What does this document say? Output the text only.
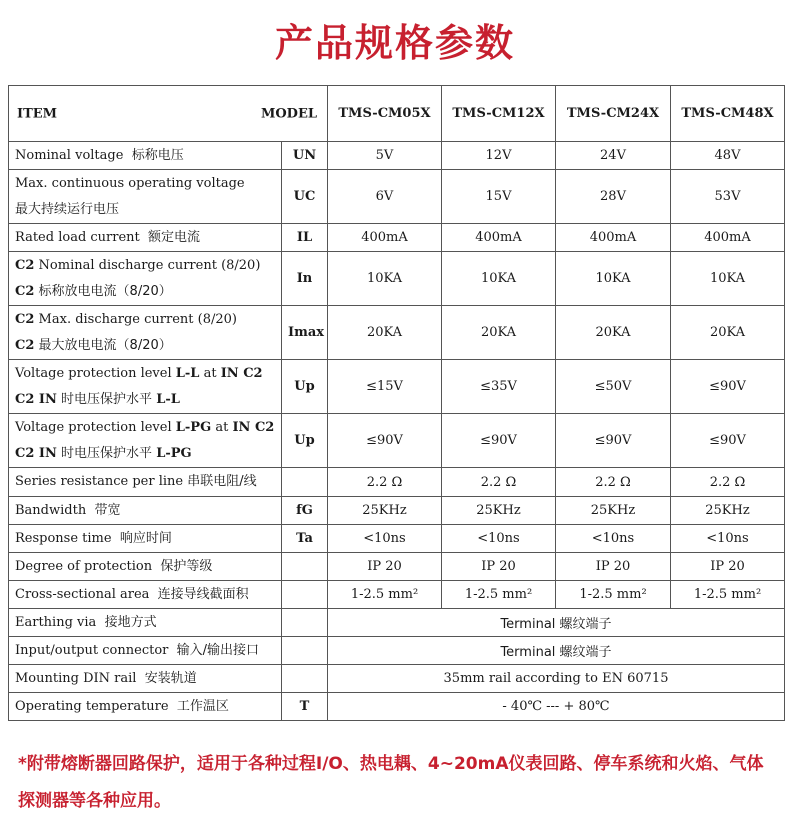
产品规格参数
ITEM MODEL		TMS-CM05X	TMS-CM12X	TMS-CM24X	TMS-CM48X
Nominal voltage 标称电压	UN	5V	12V	24V	48V

Max. continuous operating voltage
最大持续运行电压	UC	6V	15V	28V	53V
Rated load current 额定电流	IL	400mA	400mA	400mA	400mA

C2 Nominal discharge current (8/20)
C2 标称放电电流（8/20）	In	10KA	10KA	10KA	10KA

C2 Max. discharge current (8/20)
C2 最大放电电流（8/20）	Imax	20KA	20KA	20KA	20KA

Voltage protection level L-L at IN C2
C2 IN 时电压保护水平 L-L	Up	≤15V	≤35V	≤50V	≤90V

Voltage protection level L-PG at IN C2
C2 IN 时电压保护水平 L-PG	Up	≤90V	≤90V	≤90V	≤90V
Series resistance per line 串联电阻/线		2.2 Ω	2.2 Ω	2.2 Ω	2.2 Ω
Bandwidth 带宽	fG	25KHz	25KHz	25KHz	25KHz
Response time 响应时间	Ta	<10ns	<10ns	<10ns	<10ns
Degree of protection 保护等级		IP 20	IP 20	IP 20	IP 20
Cross-sectional area 连接导线截面积		1-2.5 mm²	1-2.5 mm²	1-2.5 mm²	1-2.5 mm²
Earthing via 接地方式		Terminal 螺纹端子			
Input/output connector 输入/输出接口		Terminal 螺纹端子			
Mounting DIN rail 安装轨道		35mm rail according to EN 60715			
Operating temperature 工作温区	T	- 40℃ --- + 80℃			
*附带熔断器回路保护，适用于各种过程I/O、热电耦、4~20mA仪表回路、停车系统和火焰、气体探测器等各种应用。
